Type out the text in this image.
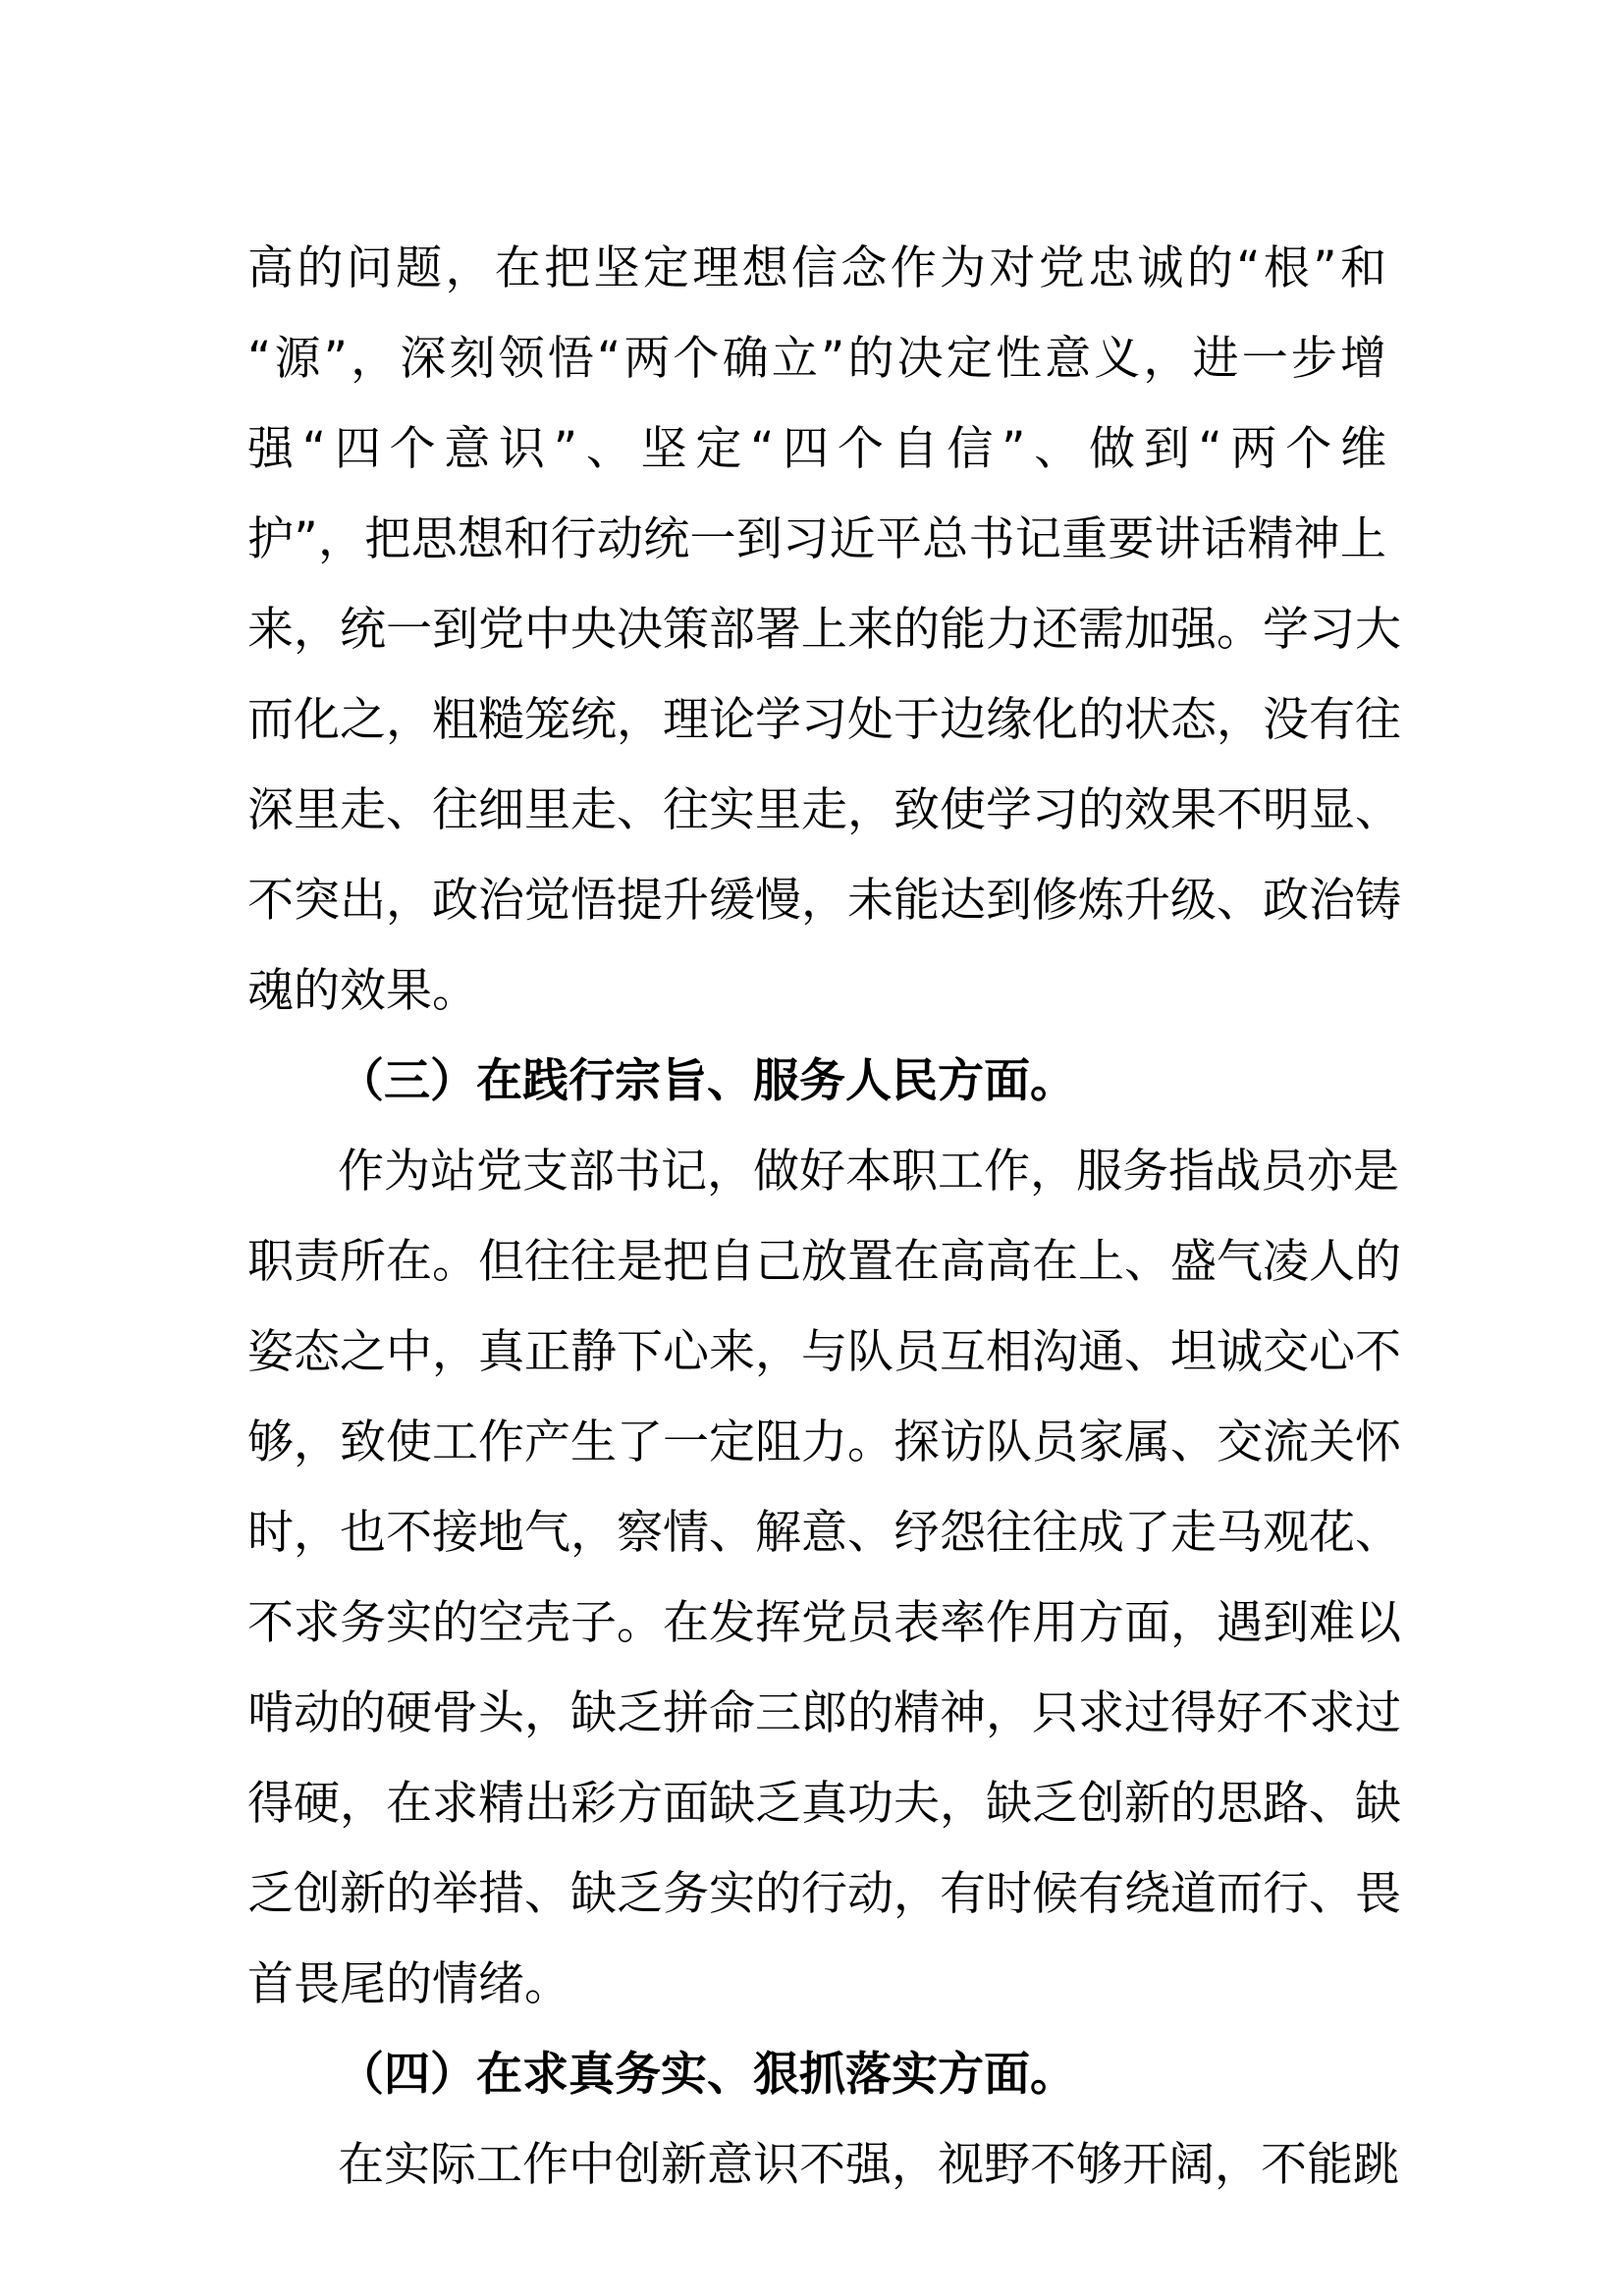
高的问题，在把坚定理想信念作为对党忠诚的“根”和
“源”，深刻领悟“两个确立”的决定性意义，进一步增
强“四个意识”、坚定“四个自信”、做到“两个维
护”，把思想和行动统一到习近平总书记重要讲话精神上
来，统一到党中央决策部署上来的能力还需加强。学习大
而化之，粗糙笼统，理论学习处于边缘化的状态，没有往
深里走、往细里走、往实里走，致使学习的效果不明显、
不突出，政治觉悟提升缓慢，未能达到修炼升级、政治铸
魂的效果。
（三）在践行宗旨、服务人民方面。
作为站党支部书记，做好本职工作，服务指战员亦是
职责所在。但往往是把自己放置在高高在上、盛气凌人的
姿态之中，真正静下心来，与队员互相沟通、坦诚交心不
够，致使工作产生了一定阻力。探访队员家属、交流关怀
时，也不接地气，察情、解意、纾怨往往成了走马观花、
不求务实的空壳子。在发挥党员表率作用方面，遇到难以
啃动的硬骨头，缺乏拼命三郎的精神，只求过得好不求过
得硬，在求精出彩方面缺乏真功夫，缺乏创新的思路、缺
乏创新的举措、缺乏务实的行动，有时候有绕道而行、畏
首畏尾的情绪。
（四）在求真务实、狠抓落实方面。
在实际工作中创新意识不强，视野不够开阔，不能跳
